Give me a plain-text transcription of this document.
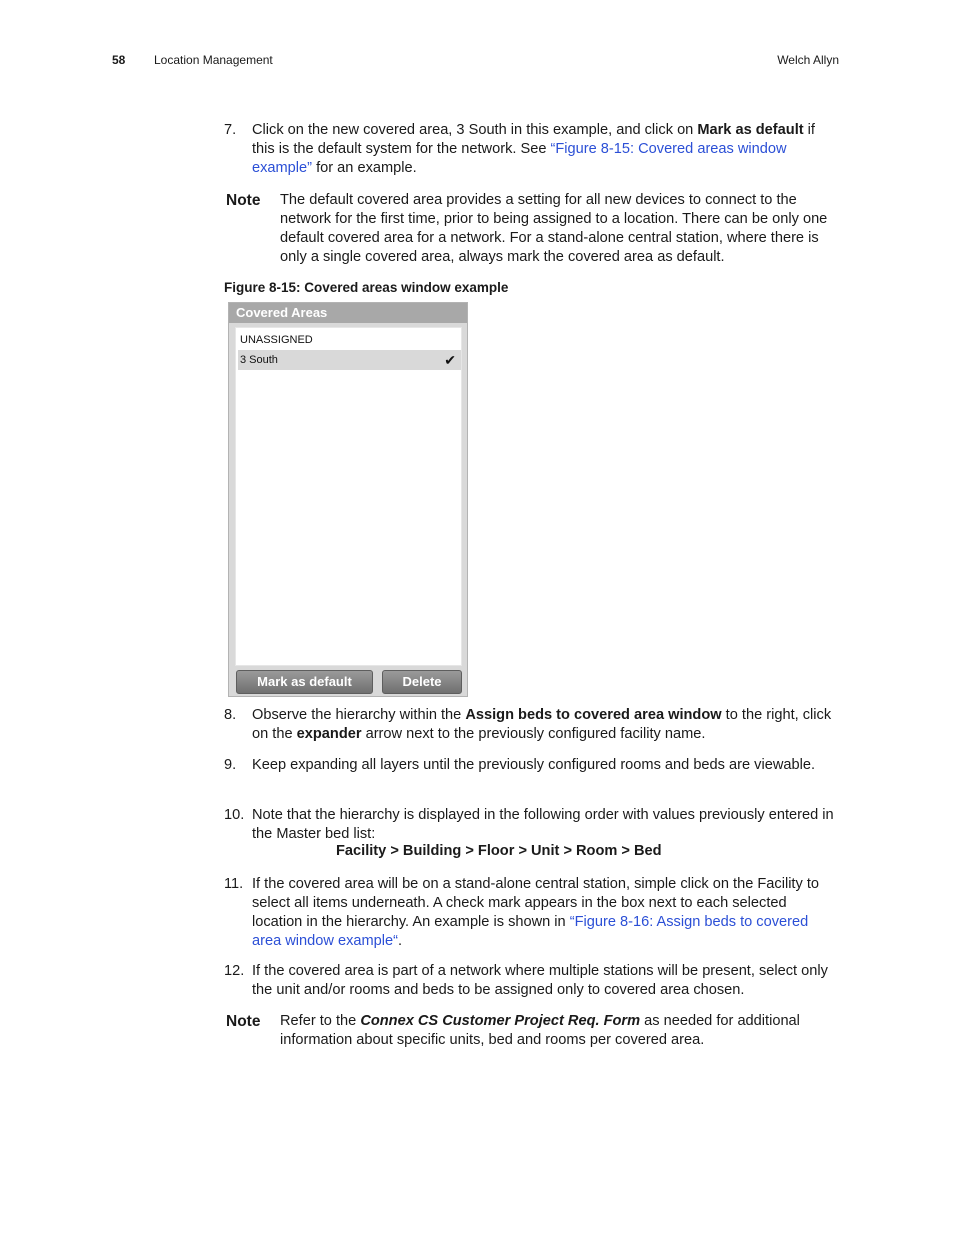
58 Location Management	Welch Allyn
7. Click on the new covered area, 3 South in this example, and click on Mark as default if this is the default system for the network. See “Figure 8-15: Covered areas window example” for an example.
Note The default covered area provides a setting for all new devices to connect to the network for the first time, prior to being assigned to a location. There can be only one default covered area for a network. For a stand-alone central station, where there is only a single covered area, always mark the covered area as default.
Figure 8-15: Covered areas window example
Covered Areas
UNASSIGNED
3 South	✔
Mark as default	Delete
8. Observe the hierarchy within the Assign beds to covered area window to the right, click on the expander arrow next to the previously configured facility name.
9. Keep expanding all layers until the previously configured rooms and beds are viewable.
10. Note that the hierarchy is displayed in the following order with values previously entered in the Master bed list:
Facility > Building > Floor > Unit > Room > Bed
11. If the covered area will be on a stand-alone central station, simple click on the Facility to select all items underneath. A check mark appears in the box next to each selected location in the hierarchy. An example is shown in “Figure 8-16: Assign beds to covered area window example“.
12. If the covered area is part of a network where multiple stations will be present, select only the unit and/or rooms and beds to be assigned only to covered area chosen.
Note Refer to the Connex CS Customer Project Req. Form as needed for additional information about specific units, bed and rooms per covered area.
